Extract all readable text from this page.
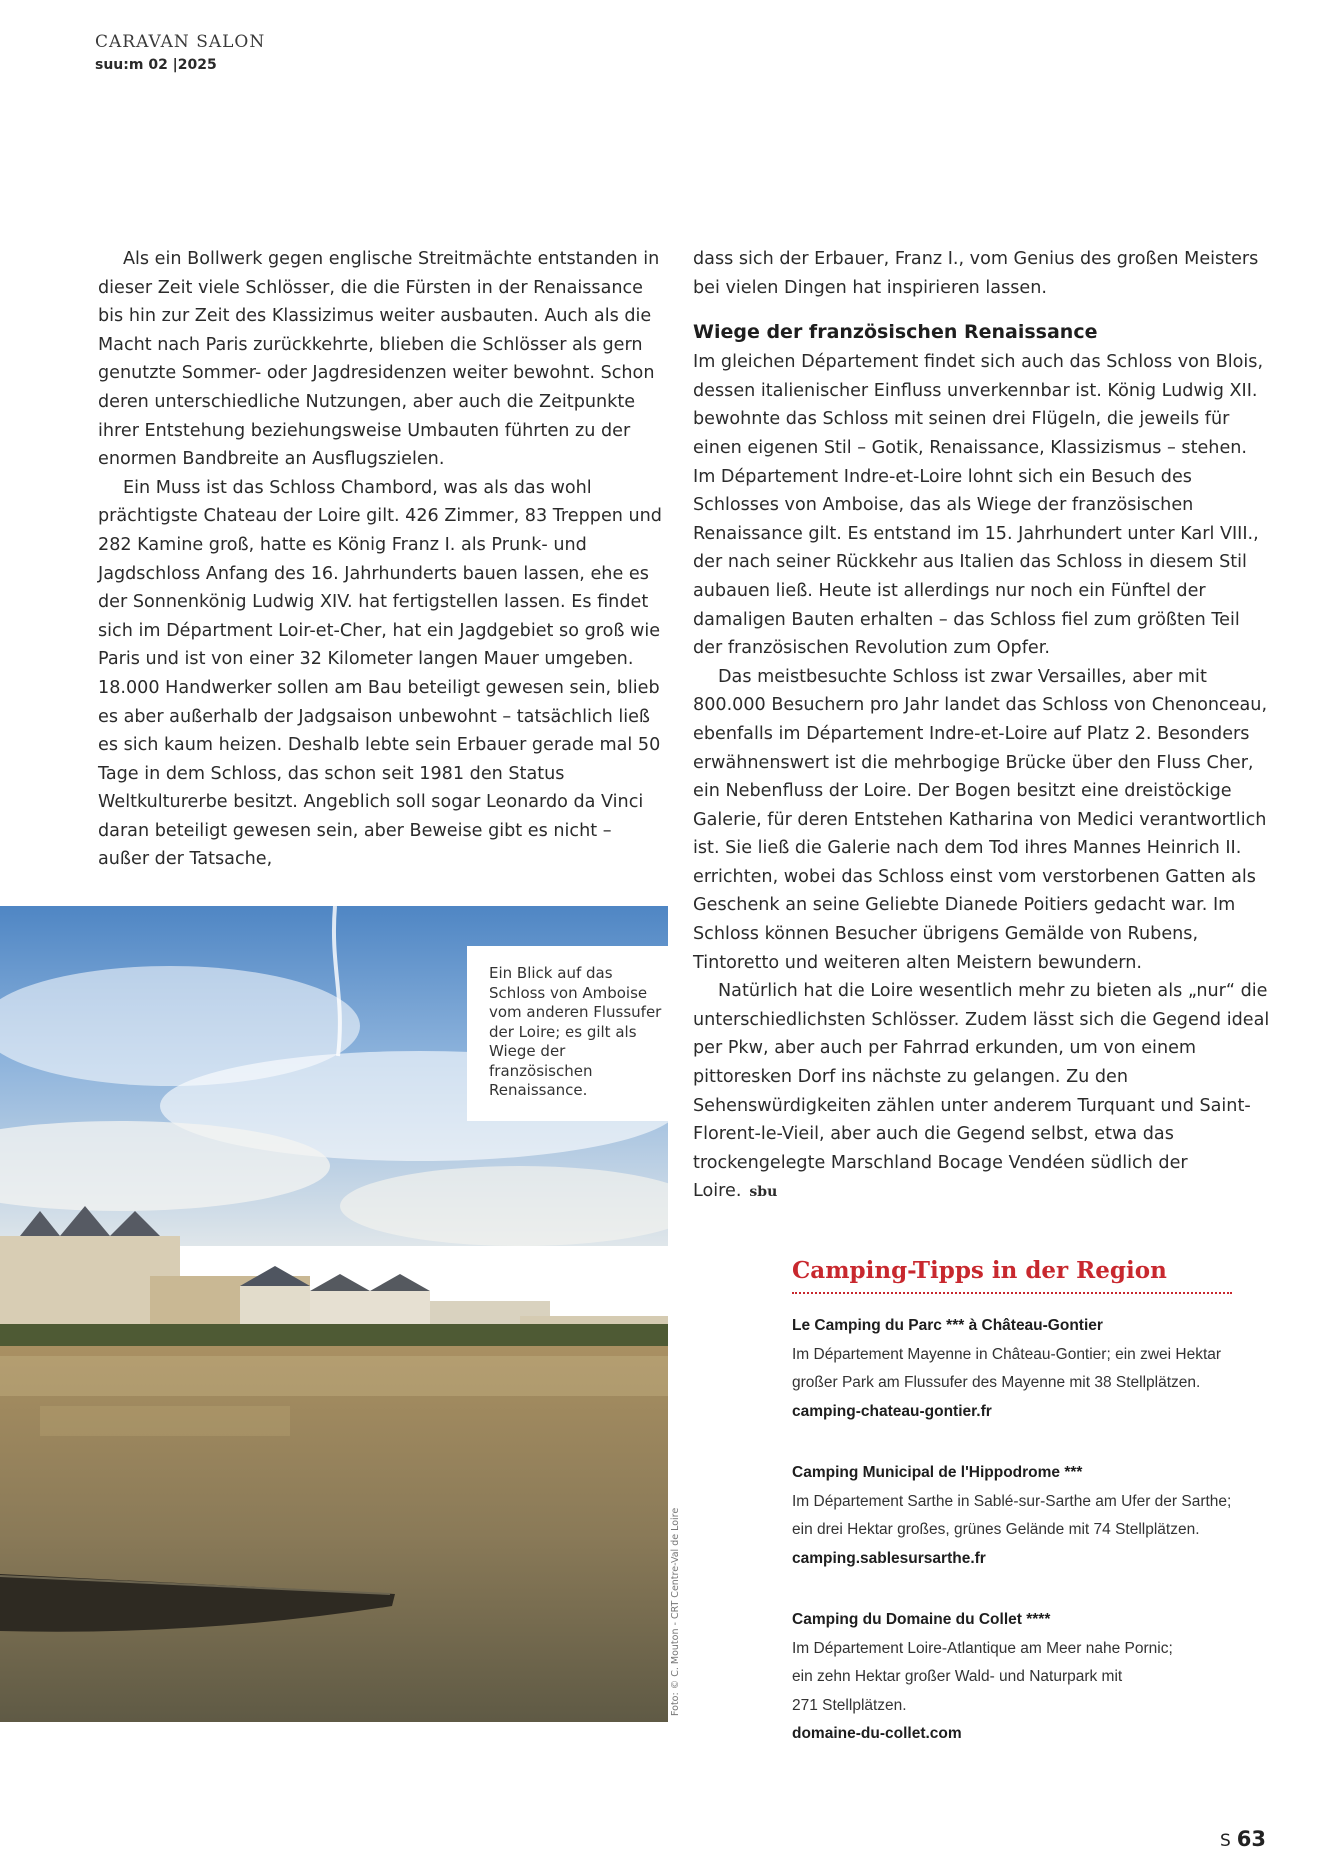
CARAVAN SALON
suu:m 02 |2025

Als ein Bollwerk gegen englische Streitmächte entstanden in dieser Zeit viele Schlösser, die die Fürsten in der Renaissance bis hin zur Zeit des Klassizimus weiter ausbauten. Auch als die Macht nach Paris zurückkehrte, blieben die Schlösser als gern genutzte Sommer- oder Jagdresidenzen weiter bewohnt. Schon deren unterschiedliche Nutzungen, aber auch die Zeitpunkte ihrer Entstehung beziehungsweise Umbauten führten zu der enormen Bandbreite an Ausflugszielen.

Ein Muss ist das Schloss Chambord, was als das wohl prächtigste Chateau der Loire gilt. 426 Zimmer, 83 Treppen und 282 Kamine groß, hatte es König Franz I. als Prunk- und Jagdschloss Anfang des 16. Jahrhunderts bauen lassen, ehe es der Sonnenkönig Ludwig XIV. hat fertigstellen lassen. Es findet sich im Départment Loir-et-Cher, hat ein Jagdgebiet so groß wie Paris und ist von einer 32 Kilometer langen Mauer umgeben. 18.000 Handwerker sollen am Bau beteiligt gewesen sein, blieb es aber außerhalb der Jadgsaison unbewohnt – tatsächlich ließ es sich kaum heizen. Deshalb lebte sein Erbauer gerade mal 50 Tage in dem Schloss, das schon seit 1981 den Status Weltkulturerbe besitzt. Angeblich soll sogar Leonardo da Vinci daran beteiligt gewesen sein, aber Beweise gibt es nicht – außer der Tatsache,

dass sich der Erbauer, Franz I., vom Genius des großen Meisters bei vielen Dingen hat inspirieren lassen.

Wiege der französischen Renaissance

Im gleichen Département findet sich auch das Schloss von Blois, dessen italienischer Einfluss unverkennbar ist. König Ludwig XII. bewohnte das Schloss mit seinen drei Flügeln, die jeweils für einen eigenen Stil – Gotik, Renaissance, Klassizismus – stehen. Im Département Indre-et-Loire lohnt sich ein Besuch des Schlosses von Amboise, das als Wiege der französischen Renaissance gilt. Es entstand im 15. Jahrhundert unter Karl VIII., der nach seiner Rückkehr aus Italien das Schloss in diesem Stil aubauen ließ. Heute ist allerdings nur noch ein Fünftel der damaligen Bauten erhalten – das Schloss fiel zum größten Teil der französischen Revolution zum Opfer.

Das meistbesuchte Schloss ist zwar Versailles, aber mit 800.000 Besuchern pro Jahr landet das Schloss von Chenonceau, ebenfalls im Département Indre-et-Loire auf Platz 2. Besonders erwähnenswert ist die mehrbogige Brücke über den Fluss Cher, ein Nebenfluss der Loire. Der Bogen besitzt eine dreistöckige Galerie, für deren Entstehen Katharina von Medici verantwortlich ist. Sie ließ die Galerie nach dem Tod ihres Mannes Heinrich II. errichten, wobei das Schloss einst vom verstorbenen Gatten als Geschenk an seine Geliebte Dianede Poitiers gedacht war. Im Schloss können Besucher übrigens Gemälde von Rubens, Tintoretto und weiteren alten Meistern bewundern.

Natürlich hat die Loire wesentlich mehr zu bieten als „nur“ die unterschiedlichsten Schlösser. Zudem lässt sich die Gegend ideal per Pkw, aber auch per Fahrrad erkunden, um von einem pittoresken Dorf ins nächste zu gelangen. Zu den Sehenswürdigkeiten zählen unter anderem Turquant und Saint-Florent-le-Vieil, aber auch die Gegend selbst, etwa das trockengelegte Marschland Bocage Vendéen südlich der Loire. sbu

Ein Blick auf das Schloss von Amboise vom anderen Flussufer der Loire; es gilt als Wiege der französischen Renaissance.
Foto: © C. Mouton - CRT Centre-Val de Loire
Camping-Tipps in der Region
Le Camping du Parc *** à Château-Gontier
Im Département Mayenne in Château-Gontier; ein zwei Hektar
großer Park am Flussufer des Mayenne mit 38 Stellplätzen.
camping-chateau-gontier.fr
Camping Municipal de l'Hippodrome ***
Im Département Sarthe in Sablé-sur-Sarthe am Ufer der Sarthe;
ein drei Hektar großes, grünes Gelände mit 74 Stellplätzen.
camping.sablesursarthe.fr
Camping du Domaine du Collet ****
Im Département Loire-Atlantique am Meer nahe Pornic;
ein zehn Hektar großer Wald- und Naturpark mit
271 Stellplätzen.
domaine-du-collet.com
S 63
